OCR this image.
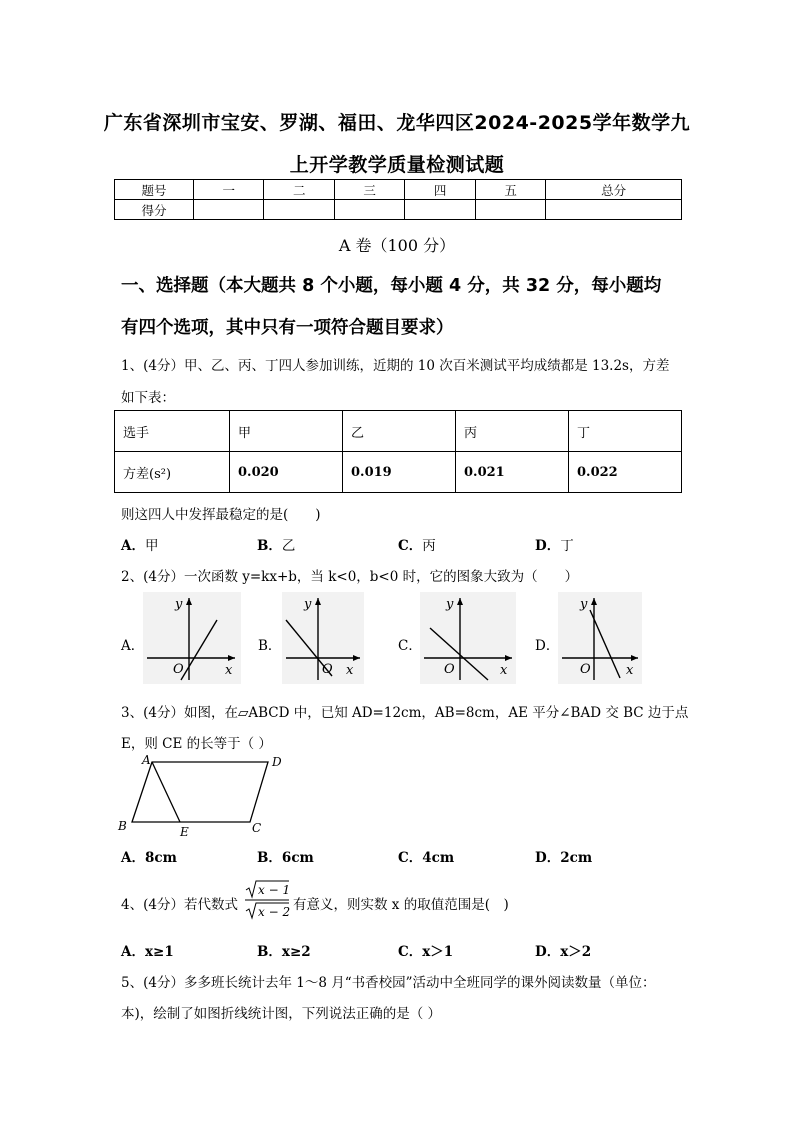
广东省深圳市宝安、罗湖、福田、龙华四区2024-2025学年数学九
上开学教学质量检测试题
题号	一	二	三	四	五	总分
得分						
A 卷（100 分）
一、选择题（本大题共 8 个小题，每小题 4 分，共 32 分，每小题均
有四个选项，其中只有一项符合题目要求）
1、(4分）甲、乙、丙、丁四人参加训练，近期的 10 次百米测试平均成绩都是 13.2s，方差
如下表：
选手	甲	乙	丙	丁
方差(s²)	0.020	0.019	0.021	0.022
则这四人中发挥最稳定的是(　　)
A．甲	B．乙	C．丙	D．丁
2、(4分）一次函数 y=kx+b，当 k<0，b<0 时，它的图象大致为（　　）
A．	B．	C．	D．
y
x
O
y
x
O
y
x
O
y
x
O
3、(4分）如图，在▱ABCD 中，已知 AD=12cm，AB=8cm，AE 平分∠BAD 交 BC 边于点
E，则 CE 的长等于（ ）
A	D
B	E	C
A．8cm	B．6cm	C．4cm	D．2cm
4、(4分）若代数式
x − 1
x − 2 有意义，则实数 x 的取值范围是(　)
A．x≥1	B．x≥2	C．x＞1	D．x＞2
5、(4分）多多班长统计去年 1～8 月“书香校园”活动中全班同学的课外阅读数量（单位：
本)，绘制了如图折线统计图，下列说法正确的是（ ）
